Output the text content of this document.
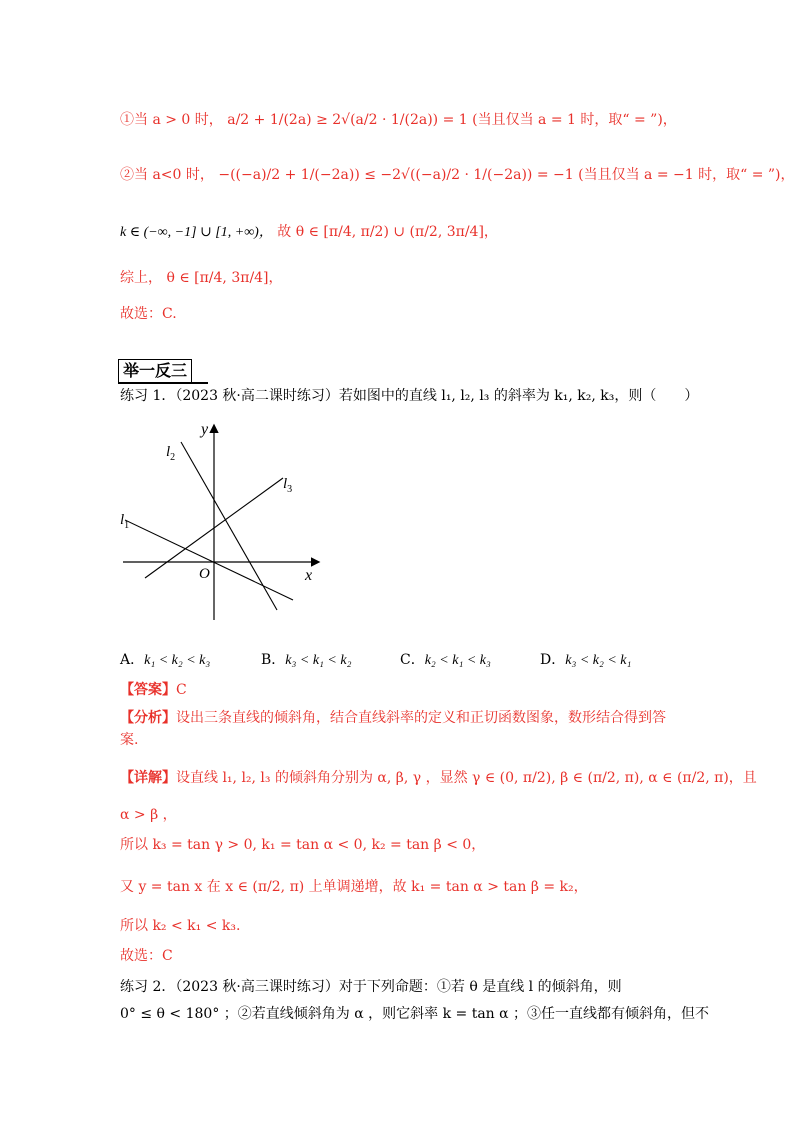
①当 a > 0 时， a/2 + 1/(2a) ≥ 2√(a/2 · 1/(2a)) = 1 (当且仅当 a = 1 时，取“ = ”)，
②当 a<0 时， −((−a)/2 + 1/(−2a)) ≤ −2√((−a)/2 · 1/(−2a)) = −1 (当且仅当 a = −1 时，取“ = ”)，
k ∈ (−∞, −1] ∪ [1, +∞)， 故 θ ∈ [π/4, π/2) ∪ (π/2, 3π/4]，
综上， θ ∈ [π/4, 3π/4]，
故选：C.
举一反三
练习 1．（2023 秋·高二课时练习）若如图中的直线 l₁, l₂, l₃ 的斜率为 k₁, k₂, k₃，则（　　）
y
x
O
$l_1$
$l_2$
$l_3$
A．k₁ < k₂ < k₃	B．k₃ < k₁ < k₂	C．k₂ < k₁ < k₃	D．k₃ < k₂ < k₁
【答案】C
【分析】设出三条直线的倾斜角，结合直线斜率的定义和正切函数图象，数形结合得到答
案.
【详解】设直线 l₁, l₂, l₃ 的倾斜角分别为 α, β, γ ，显然 γ ∈ (0, π/2), β ∈ (π/2, π), α ∈ (π/2, π)，且
α > β ，
所以 k₃ = tan γ > 0, k₁ = tan α < 0, k₂ = tan β < 0，
又 y = tan x 在 x ∈ (π/2, π) 上单调递增，故 k₁ = tan α > tan β = k₂，
所以 k₂ < k₁ < k₃.
故选：C
练习 2．（2023 秋·高三课时练习）对于下列命题：①若 θ 是直线 l 的倾斜角，则
0° ≤ θ < 180° ；②若直线倾斜角为 α ，则它斜率 k = tan α ；③任一直线都有倾斜角，但不
